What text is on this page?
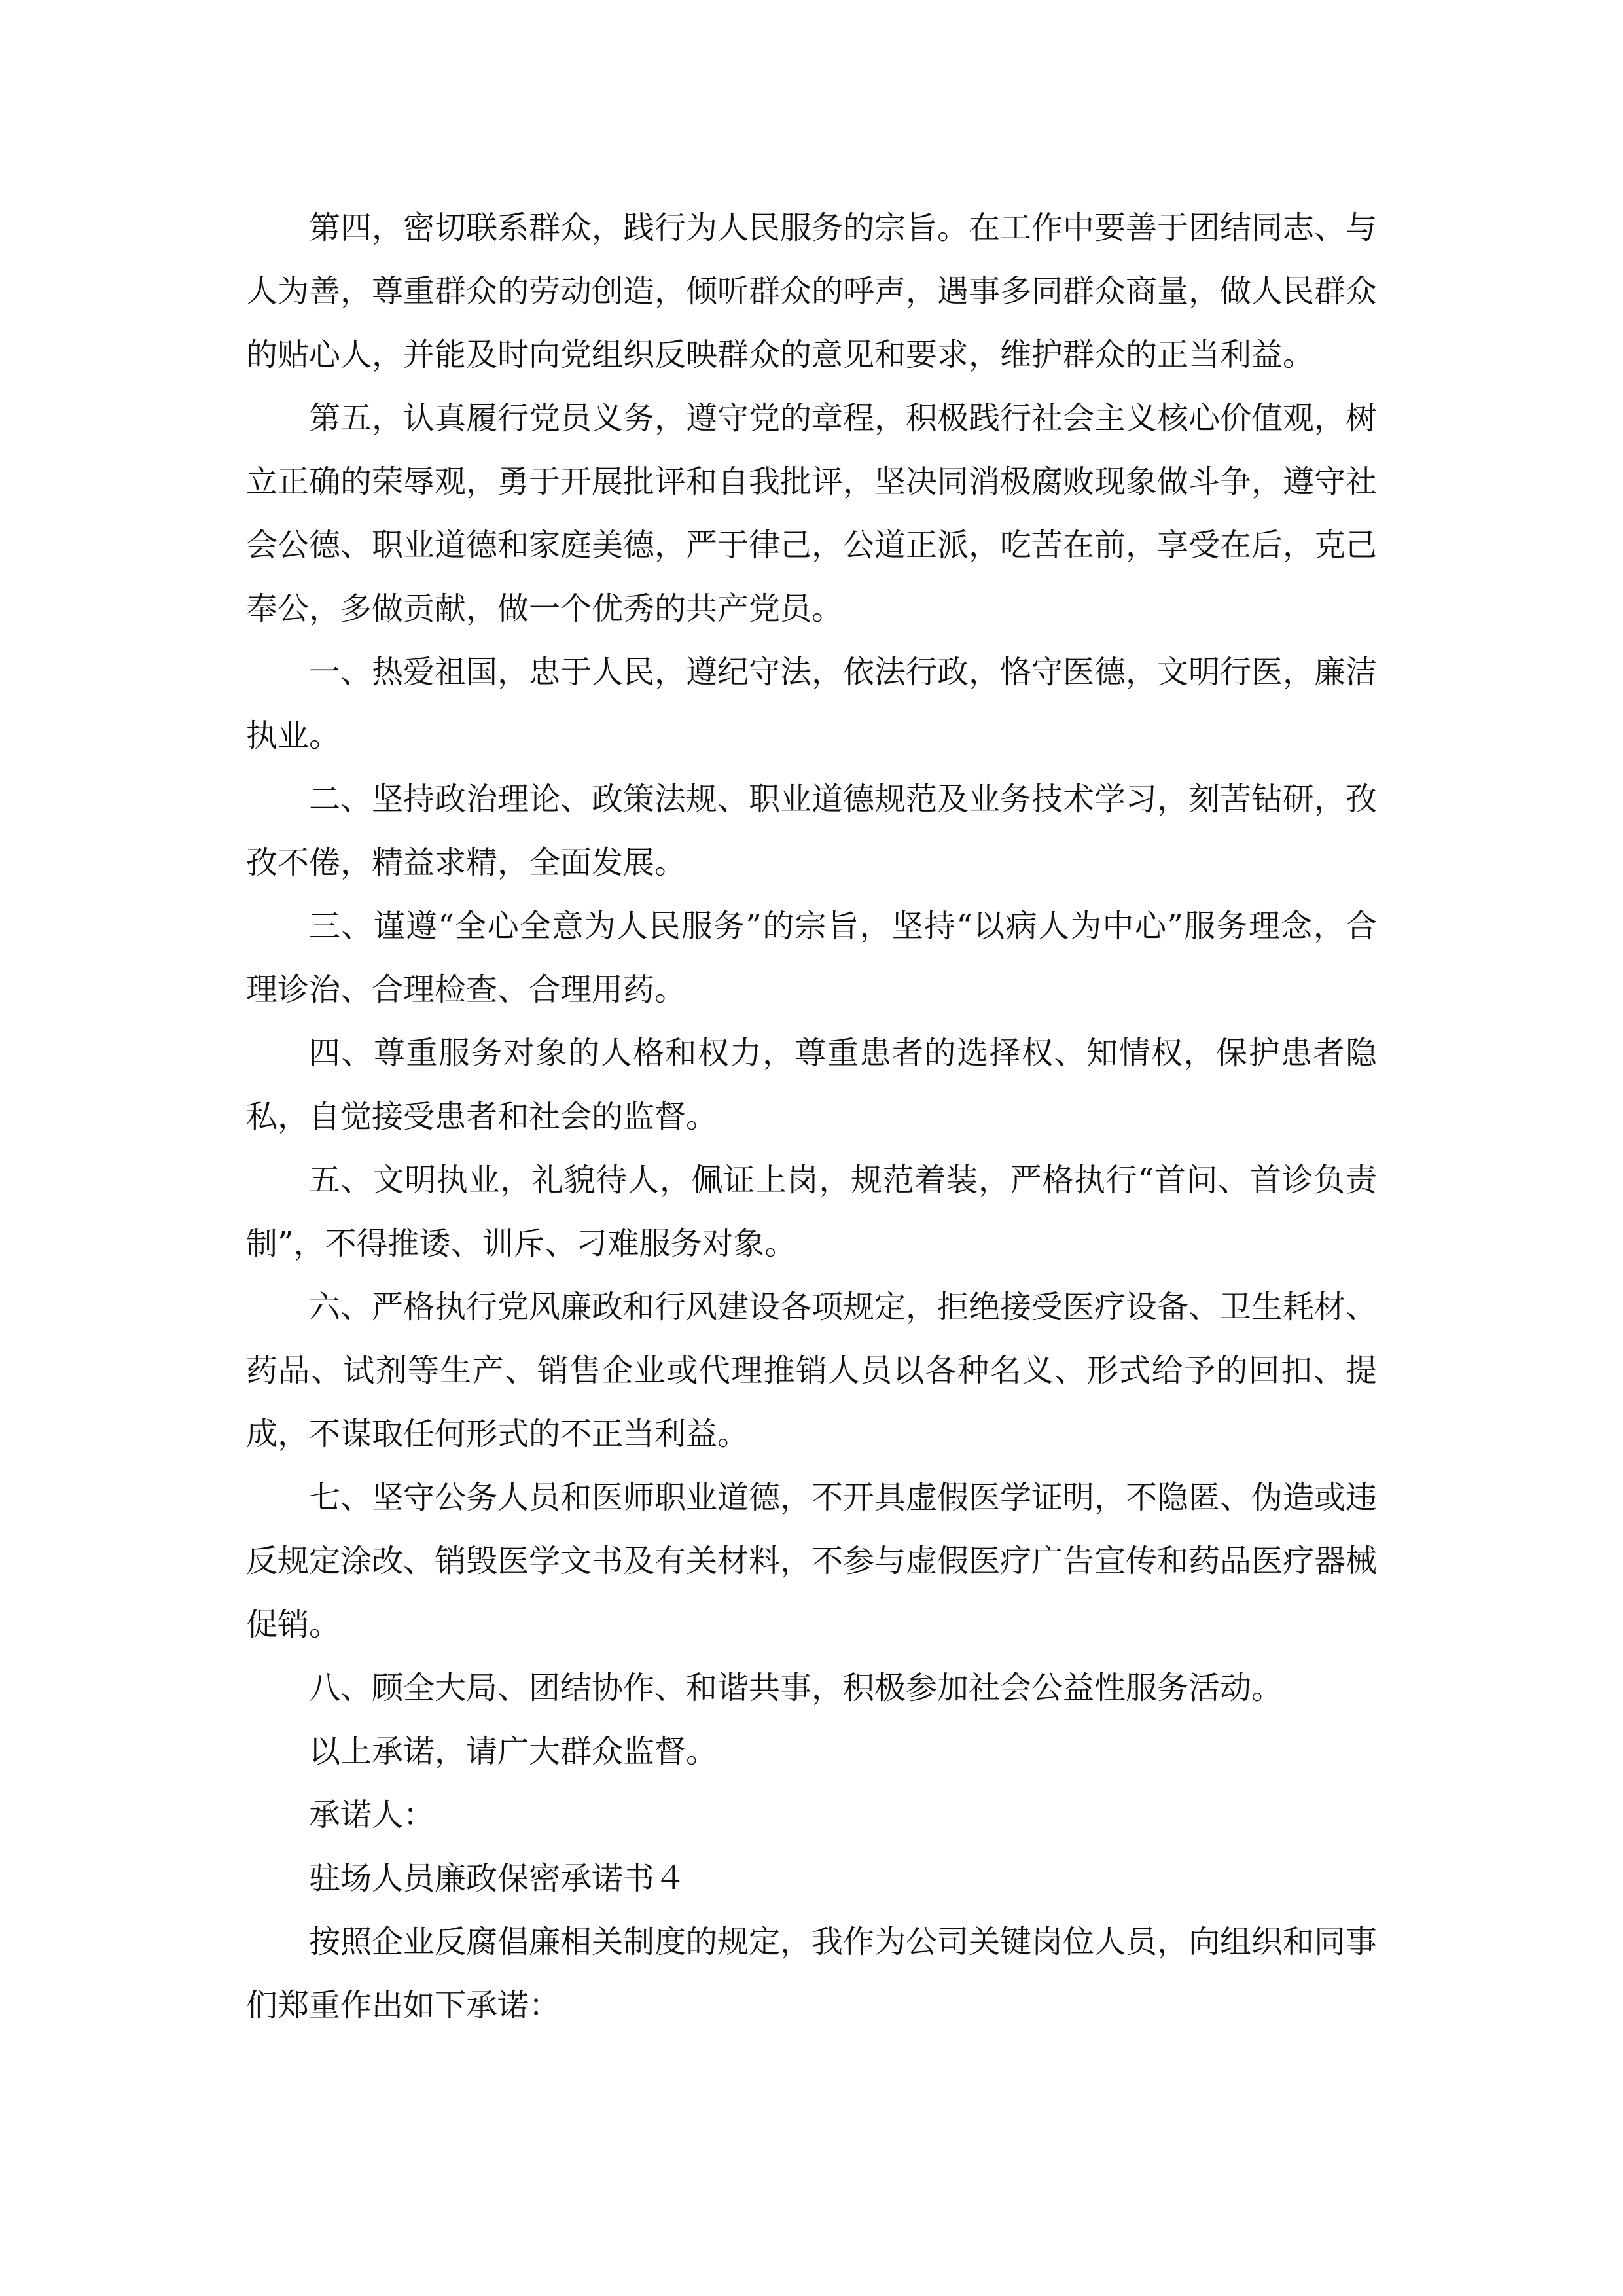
第四，密切联系群众，践行为人民服务的宗旨。在工作中要善于团结同志、与人为善，尊重群众的劳动创造，倾听群众的呼声，遇事多同群众商量，做人民群众的贴心人，并能及时向党组织反映群众的意见和要求，维护群众的正当利益。

第五，认真履行党员义务，遵守党的章程，积极践行社会主义核心价值观，树立正确的荣辱观，勇于开展批评和自我批评，坚决同消极腐败现象做斗争，遵守社会公德、职业道德和家庭美德，严于律己，公道正派，吃苦在前，享受在后，克己奉公，多做贡献，做一个优秀的共产党员。

一、热爱祖国，忠于人民，遵纪守法，依法行政，恪守医德，文明行医，廉洁执业。

二、坚持政治理论、政策法规、职业道德规范及业务技术学习，刻苦钻研，孜孜不倦，精益求精，全面发展。

三、谨遵“全心全意为人民服务”的宗旨，坚持“以病人为中心”服务理念，合理诊治、合理检查、合理用药。

四、尊重服务对象的人格和权力，尊重患者的选择权、知情权，保护患者隐私，自觉接受患者和社会的监督。

五、文明执业，礼貌待人，佩证上岗，规范着装，严格执行“首问、首诊负责制”，不得推诿、训斥、刁难服务对象。

六、严格执行党风廉政和行风建设各项规定，拒绝接受医疗设备、卫生耗材、药品、试剂等生产、销售企业或代理推销人员以各种名义、形式给予的回扣、提成，不谋取任何形式的不正当利益。

七、坚守公务人员和医师职业道德，不开具虚假医学证明，不隐匿、伪造或违反规定涂改、销毁医学文书及有关材料，不参与虚假医疗广告宣传和药品医疗器械促销。

八、顾全大局、团结协作、和谐共事，积极参加社会公益性服务活动。

以上承诺，请广大群众监督。

承诺人：

驻场人员廉政保密承诺书４

按照企业反腐倡廉相关制度的规定，我作为公司关键岗位人员，向组织和同事们郑重作出如下承诺：
